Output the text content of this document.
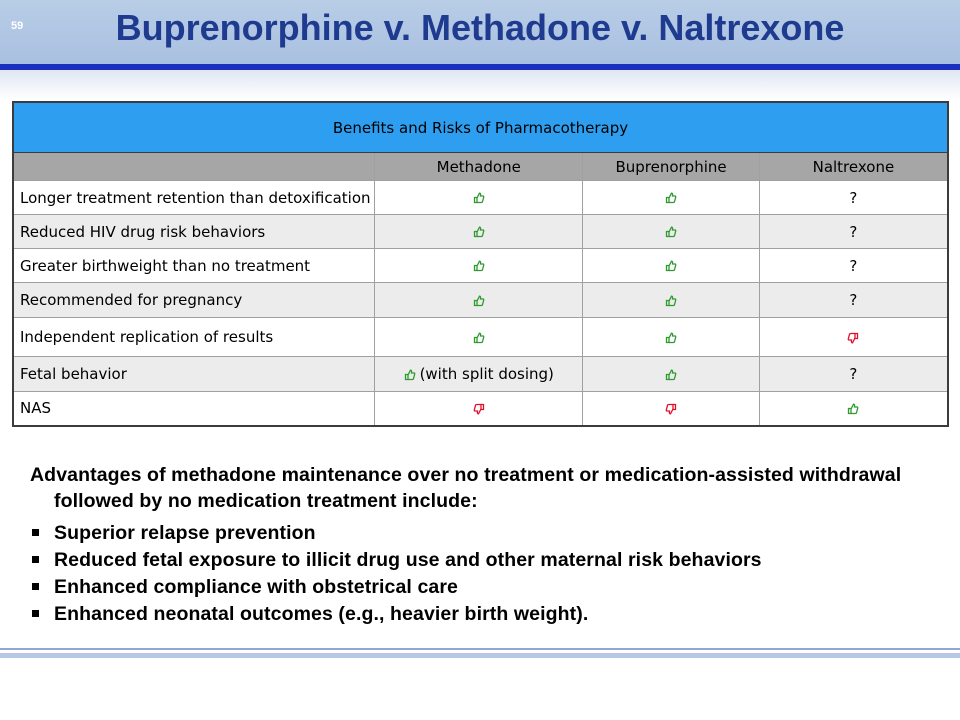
59	Buprenorphine v. Methadone v. Naltrexone
Benefits and Risks of Pharmacotherapy			
	Methadone	Buprenorphine	Naltrexone
Longer treatment retention than detoxification			?
Reduced HIV drug risk behaviors			?
Greater birthweight than no treatment			?
Recommended for pregnancy			?
Independent replication of results			
Fetal behavior	(with split dosing)		?
NAS			
Advantages of methadone maintenance over no treatment or medication-assisted withdrawal followed by no medication treatment include:
Superior relapse prevention
Reduced fetal exposure to illicit drug use and other maternal risk behaviors
Enhanced compliance with obstetrical care
Enhanced neonatal outcomes (e.g., heavier birth weight).
